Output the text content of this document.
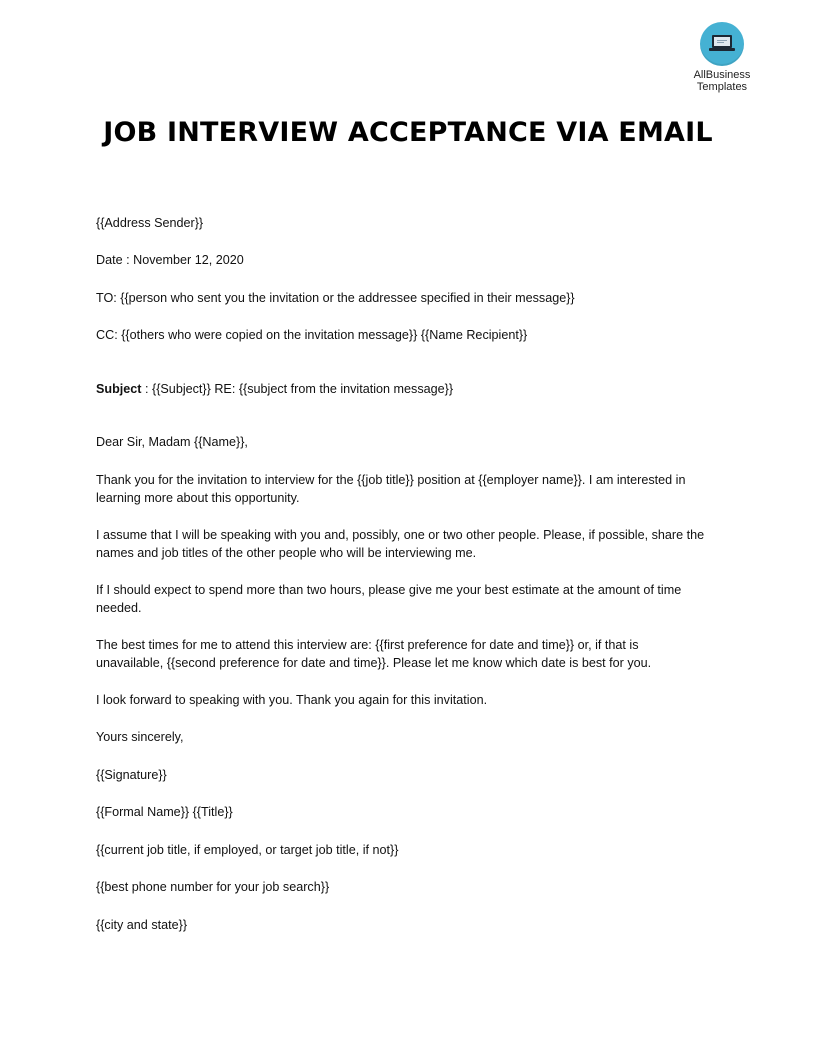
AllBusiness
Templates
JOB INTERVIEW ACCEPTANCE VIA EMAIL

{{Address Sender}}

Date : November 12, 2020

TO: {{person who sent you the invitation or the addressee specified in their message}}

CC: {{others who were copied on the invitation message}} {{Name Recipient}}

Subject : {{Subject}} RE: {{subject from the invitation message}}

Dear Sir, Madam {{Name}},

Thank you for the invitation to interview for the {{job title}} position at {{employer name}}. I am interested in learning more about this opportunity.

I assume that I will be speaking with you and, possibly, one or two other people. Please, if possible, share the names and job titles of the other people who will be interviewing me.

If I should expect to spend more than two hours, please give me your best estimate at the amount of time needed.

The best times for me to attend this interview are: {{first preference for date and time}} or, if that is unavailable, {{second preference for date and time}}. Please let me know which date is best for you.

I look forward to speaking with you. Thank you again for this invitation.

Yours sincerely,

{{Signature}}

{{Formal Name}} {{Title}}

{{current job title, if employed, or target job title, if not}}

{{best phone number for your job search}}

{{city and state}}
